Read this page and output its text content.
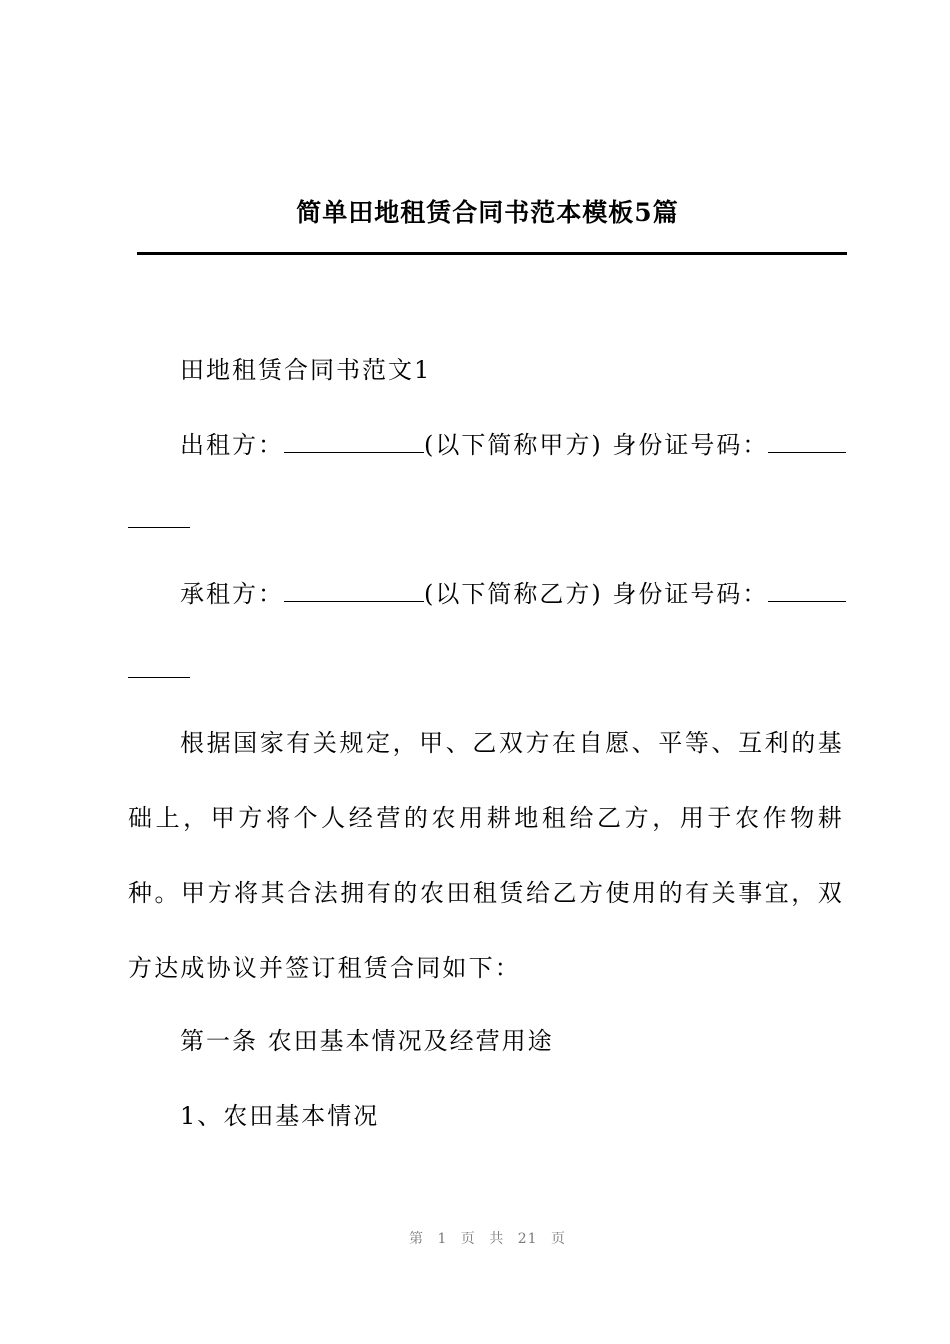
简单田地租赁合同书范本模板5篇

田地租赁合同书范文1

出租方：	(以下简称甲方) 身份证号码：

承租方：	(以下简称乙方) 身份证号码：

根据国家有关规定，甲、乙双方在自愿、平等、互利的基础上，甲方将个人经营的农用耕地租给乙方，用于农作物耕种。甲方将其合法拥有的农田租赁给乙方使用的有关事宜，双方达成协议并签订租赁合同如下：

第一条 农田基本情况及经营用途

1、农田基本情况

第 1 页 共 21 页
